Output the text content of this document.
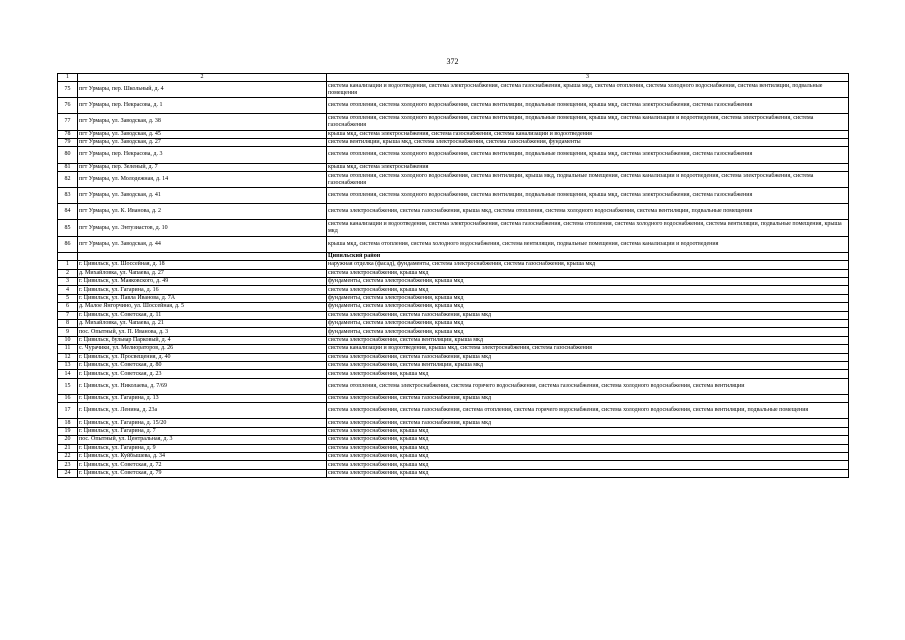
372
1	2	3
75	пгт Урмары, пер. Школьный, д. 4	система канализации и водоотведения, система электроснабжения, система газоснабжения, крыша мкд, система отопления, система холодного водоснабжения, система вентиляции, подвальные помещения
76	пгт Урмары, пер. Некрасова, д. 1	система отопления, система холодного водоснабжения, система вентиляции, подвальные помещения, крыша мкд, система электроснабжения, система газоснабжения
77	пгт Урмары, ул. Заводская, д. 38	система отопления, система холодного водоснабжения, система вентиляции, подвальные помещения, крыша мкд, система канализации и водоотведения, система электроснабжения, система газоснабжения
78	пгт Урмары, ул. Заводская, д. 45	крыша мкд, система электроснабжения, система газоснабжения, система канализации и водоотведения
79	пгт Урмары, ул. Заводская, д. 27	система вентиляции, крыша мкд, система электроснабжения, система газоснабжения, фундаменты
80	пгт Урмары, пер. Некрасова, д. 3	система отопления, система холодного водоснабжения, система вентиляции, подвальные помещения, крыша мкд, система электроснабжения, система газоснабжения
81	пгт Урмары, пер. Зеленый, д. 7	крыша мкд, система электроснабжения
82	пгт Урмары, ул. Молодежная, д. 14	система отопления, система холодного водоснабжения, система вентиляции, крыша мкд, подвальные помещения, система канализации и водоотведения, система электроснабжения, система газоснабжения
83	пгт Урмары, ул. Заводская, д. 41	система отопления, система холодного водоснабжения, система вентиляции, подвальные помещения, крыша мкд, система электроснабжения, система газоснабжения
84	пгт Урмары, ул. К. Иванова, д. 2	система электроснабжения, система газоснабжения, крыша мкд, система отопления, система холодного водоснабжения, система вентиляции, подвальные помещения
85	пгт Урмары, ул. Энтузиастов, д. 10	система канализации и водоотведения, система электроснабжения, система газоснабжения, система отопления, система холодного водоснабжения, система вентиляции, подвальные помещения, крыша мкд
86	пгт Урмары, ул. Заводская, д. 44	крыша мкд, система отопления, система холодного водоснабжения, система вентиляции, подвальные помещения, система канализации и водоотведения
		Цивильский район
1	г. Цивильск, ул. Шоссейная, д. 18	наружная отделка (фасад), фундаменты, система электроснабжения, система газоснабжения, крыша мкд
2	д. Михайловка, ул. Чапаева, д. 27	система электроснабжения, крыша мкд
3	г. Цивильск, ул. Маяковского, д. 49	фундаменты, система электроснабжения, крыша мкд
4	г. Цивильск, ул. Гагарина, д. 16	система электроснабжения, крыша мкд
5	г. Цивильск, ул. Павла Иванова, д. 7А	фундаменты, система электроснабжения, крыша мкд
6	д. Малое Янгорчино, ул. Шоссейная, д. 5	фундаменты, система электроснабжения, крыша мкд
7	г. Цивильск, ул. Советская, д. 11	система электроснабжения, система газоснабжения, крыша мкд
8	д. Михайловка, ул. Чапаева, д. 21	фундаменты, система электроснабжения, крыша мкд
9	пос. Опытный, ул. П. Иванова, д. 3	фундаменты, система электроснабжения, крыша мкд
10	г. Цивильск, бульвар Парковый, д. 4	система электроснабжения, система вентиляции, крыша мкд
11	с. Чурачики, ул. Мелиораторов, д. 26	система канализации и водоотведения, крыша мкд, система электроснабжения, система газоснабжения
12	г. Цивильск, ул. Просвещения, д. 40	система электроснабжения, система газоснабжения, крыша мкд
13	г. Цивильск, ул. Советская, д. 80	система электроснабжения, система вентиляции, крыша мкд
14	г. Цивильск, ул. Советская, д. 23	система электроснабжения, крыша мкд
15	г. Цивильск, ул. Николаева, д. 7/69	система отопления, система электроснабжения, система горячего водоснабжения, система газоснабжения, система холодного водоснабжения, система вентиляции
16	г. Цивильск, ул. Гагарина, д. 13	система электроснабжения, система газоснабжения, крыша мкд
17	г. Цивильск, ул. Ленина, д. 23а	система электроснабжения, система газоснабжения, система отопления, система горячего водоснабжения, система холодного водоснабжения, система вентиляции, подвальные помещения
18	г. Цивильск, ул. Гагарина, д. 15/20	система электроснабжения, система газоснабжения, крыша мкд
19	г. Цивильск, ул. Гагарина, д. 7	система электроснабжения, крыша мкд
20	пос. Опытный, ул. Центральная, д. 3	система электроснабжения, крыша мкд
21	г. Цивильск, ул. Гагарина, д. 9	система электроснабжения, крыша мкд
22	г. Цивильск, ул. Куйбышева, д. 34	система электроснабжения, крыша мкд
23	г. Цивильск, ул. Советская, д. 72	система электроснабжения, крыша мкд
24	г. Цивильск, ул. Советская, д. 79	система электроснабжения, крыша мкд
